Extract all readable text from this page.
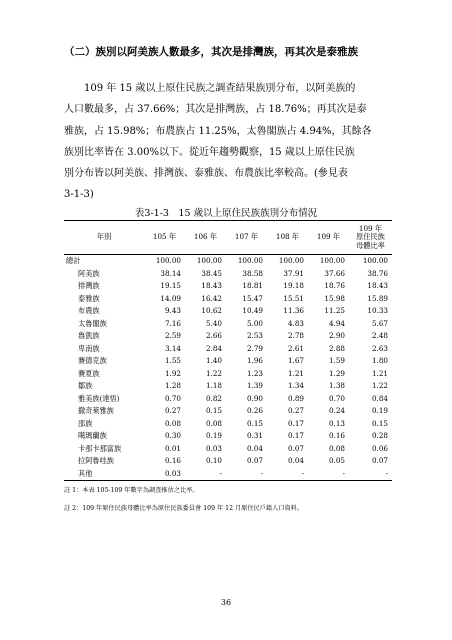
（二）族別以阿美族人數最多，其次是排灣族，再其次是泰雅族
109 年 15 歲以上原住民族之調查結果族別分布，以阿美族的
人口數最多，占 37.66%；其次是排灣族，占 18.76%；再其次是泰
雅族，占 15.98%；布農族占 11.25%，太魯閣族占 4.94%，其餘各
族別比率皆在 3.00%以下。從近年趨勢觀察，15 歲以上原住民族
別分布皆以阿美族、排灣族、泰雅族、布農族比率較高。(參見表
3-1-3)
表3-1-3　15 歲以上原住民族族別分布情況
年別	105 年	106 年	107 年	108 年	109 年	109 年
原住民族
母體比率
總計	100.00	100.00	100.00	100.00	100.00	100.00
阿美族	38.14	38.45	38.58	37.91	37.66	38.76
排灣族	19.15	18.43	18.81	19.18	18.76	18.43
泰雅族	14.09	16.42	15.47	15.51	15.98	15.89
布農族	9.43	10.62	10.49	11.36	11.25	10.33
太魯閣族	7.16	5.40	5.00	4.83	4.94	5.67
魯凱族	2.59	2.66	2.53	2.78	2.90	2.48
卑南族	3.14	2.84	2.79	2.61	2.88	2.63
賽德克族	1.55	1.40	1.96	1.67	1.59	1.80
賽夏族	1.92	1.22	1.23	1.21	1.29	1.21
鄒族	1.28	1.18	1.39	1.34	1.38	1.22
雅美族(達悟)	0.70	0.82	0.90	0.89	0.70	0.84
撒奇萊雅族	0.27	0.15	0.26	0.27	0.24	0.19
邵族	0.08	0.08	0.15	0.17	0.13	0.15
噶瑪蘭族	0.30	0.19	0.31	0.17	0.16	0.28
卡那卡那富族	0.01	0.03	0.04	0.07	0.08	0.06
拉阿魯哇族	0.16	0.10	0.07	0.04	0.05	0.07
其他	0.03	-	-	-	-	-
註 1：本表 105-109 年數字為調查推估之比率。
註 2：109 年原住民族母體比率為原住民族委員會 109 年 12 月原住民戶籍人口資料。
36
